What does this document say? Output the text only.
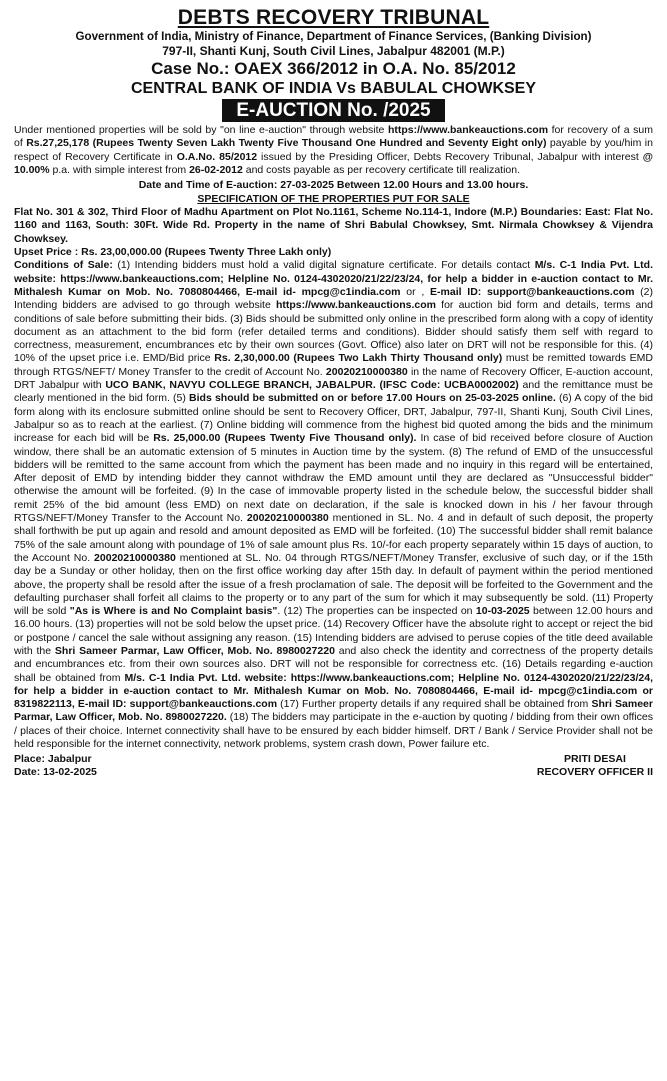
DEBTS RECOVERY TRIBUNAL
Government of India, Ministry of Finance, Department of Finance Services, (Banking Division)
797-II, Shanti Kunj, South Civil Lines, Jabalpur 482001 (M.P.)
Case No.: OAEX 366/2012 in O.A. No. 85/2012
CENTRAL BANK OF INDIA Vs BABULAL CHOWKSEY
E-AUCTION No. /2025

Under mentioned properties will be sold by "on line e-auction" through website https://www.bankeauctions.com for recovery of a sum of Rs.27,25,178 (Rupees Twenty Seven Lakh Twenty Five Thousand One Hundred and Seventy Eight only) payable by you/him in respect of Recovery Certificate in O.A.No. 85/2012 issued by the Presiding Officer, Debts Recovery Tribunal, Jabalpur with interest @ 10.00% p.a. with simple interest from 26-02-2012 and costs payable as per recovery certificate till realization.

Date and Time of E-auction: 27-03-2025 Between 12.00 Hours and 13.00 hours.
SPECIFICATION OF THE PROPERTIES PUT FOR SALE

Flat No. 301 & 302, Third Floor of Madhu Apartment on Plot No.1161, Scheme No.114-1, Indore (M.P.) Boundaries: East: Flat No. 1160 and 1163, South: 30Ft. Wide Rd. Property in the name of Shri Babulal Chowksey, Smt. Nirmala Chowksey & Vijendra Chowksey.

Upset Price : Rs. 23,00,000.00 (Rupees Twenty Three Lakh only)

Conditions of Sale: (1) Intending bidders must hold a valid digital signature certificate. For details contact M/s. C-1 India Pvt. Ltd. website: https://www.bankeauctions.com; Helpline No. 0124-4302020/21/22/23/24, for help a bidder in e-auction contact to Mr. Mithalesh Kumar on Mob. No. 7080804466, E-mail id- mpcg@c1india.com or , E-mail ID: support@bankeauctions.com (2) Intending bidders are advised to go through website https://www.bankeauctions.com for auction bid form and details, terms and conditions of sale before submitting their bids. (3) Bids should be submitted only online in the prescribed form along with a copy of identity document as an attachment to the bid form (refer detailed terms and conditions). Bidder should satisfy them self with regard to correctness, measurement, encumbrances etc by their own sources (Govt. Office) also later on DRT will not be responsible for this. (4) 10% of the upset price i.e. EMD/Bid price Rs. 2,30,000.00 (Rupees Two Lakh Thirty Thousand only) must be remitted towards EMD through RTGS/NEFT/ Money Transfer to the credit of Account No. 20020210000380 in the name of Recovery Officer, E-auction account, DRT Jabalpur with UCO BANK, NAVYU COLLEGE BRANCH, JABALPUR. (IFSC Code: UCBA0002002) and the remittance must be clearly mentioned in the bid form. (5) Bids should be submitted on or before 17.00 Hours on 25-03-2025 online. (6) A copy of the bid form along with its enclosure submitted online should be sent to Recovery Officer, DRT, Jabalpur, 797-II, Shanti Kunj, South Civil Lines, Jabalpur so as to reach at the earliest. (7) Online bidding will commence from the highest bid quoted among the bids and the minimum increase for each bid will be Rs. 25,000.00 (Rupees Twenty Five Thousand only). In case of bid received before closure of Auction window, there shall be an automatic extension of 5 minutes in Auction time by the system. (8) The refund of EMD of the unsuccessful bidders will be remitted to the same account from which the payment has been made and no inquiry in this regard will be entertained, After deposit of EMD by intending bidder they cannot withdraw the EMD amount until they are declared as "Unsuccessful bidder" otherwise the amount will be forfeited. (9) In the case of immovable property listed in the schedule below, the successful bidder shall remit 25% of the bid amount (less EMD) on next date on declaration, if the sale is knocked down in his / her favour through RTGS/NEFT/Money Transfer to the Account No. 20020210000380 mentioned in SL. No. 4 and in default of such deposit, the property shall forthwith be put up again and resold and amount deposited as EMD will be forfeited. (10) The successful bidder shall remit balance 75% of the sale amount along with poundage of 1% of sale amount plus Rs. 10/-for each property separately within 15 days of auction, to the Account No. 20020210000380 mentioned at SL. No. 04 through RTGS/NEFT/Money Transfer, exclusive of such day, or if the 15th day be a Sunday or other holiday, then on the first office working day after 15th day. In default of payment within the period mentioned above, the property shall be resold after the issue of a fresh proclamation of sale. The deposit will be forfeited to the Government and the defaulting purchaser shall forfeit all claims to the property or to any part of the sum for which it may subsequently be sold. (11) Property will be sold "As is Where is and No Complaint basis". (12) The properties can be inspected on 10-03-2025 between 12.00 hours and 16.00 hours. (13) properties will not be sold below the upset price. (14) Recovery Officer have the absolute right to accept or reject the bid or postpone / cancel the sale without assigning any reason. (15) Intending bidders are advised to peruse copies of the title deed available with the Shri Sameer Parmar, Law Officer, Mob. No. 8980027220 and also check the identity and correctness of the property details and encumbrances etc. from their own sources also. DRT will not be responsible for correctness etc. (16) Details regarding e-auction shall be obtained from M/s. C-1 India Pvt. Ltd. website: https://www.bankeauctions.com; Helpline No. 0124-4302020/21/22/23/24, for help a bidder in e-auction contact to Mr. Mithalesh Kumar on Mob. No. 7080804466, E-mail id- mpcg@c1india.com or 8319822113, E-mail ID: support@bankeauctions.com (17) Further property details if any required shall be obtained from Shri Sameer Parmar, Law Officer, Mob. No. 8980027220. (18) The bidders may participate in the e-auction by quoting / bidding from their own offices / places of their choice. Internet connectivity shall have to be ensured by each bidder himself. DRT / Bank / Service Provider shall not be held responsible for the internet connectivity, network problems, system crash down, Power failure etc.

Place: Jabalpur
Date: 13-02-2025
PRITI DESAI
RECOVERY OFFICER II
